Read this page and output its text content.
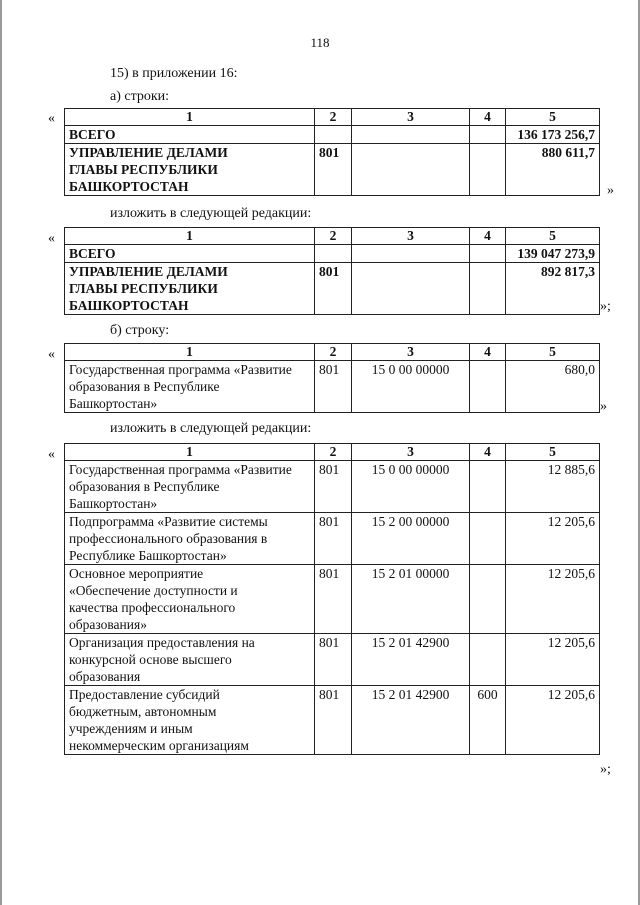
118
15) в приложении 16:
а) строки:
«	1	2	3	4	5
ВСЕГО				136 173 256,7
УПРАВЛЕНИЕ ДЕЛАМИ ГЛАВЫ РЕСПУБЛИКИ БАШКОРТОСТАН	801			880 611,7
»
изложить в следующей редакции:
«	1	2	3	4	5
ВСЕГО				139 047 273,9
УПРАВЛЕНИЕ ДЕЛАМИ ГЛАВЫ РЕСПУБЛИКИ БАШКОРТОСТАН	801			892 817,3
»;
б) строку:
«	1	2	3	4	5
Государственная программа «Развитие образования в Республике Башкортостан»	801	15 0 00 00000		680,0
»
изложить в следующей редакции:
«	1	2	3	4	5
Государственная программа «Развитие образования в Республике Башкортостан»	801	15 0 00 00000		12 885,6
Подпрограмма «Развитие системы профессионального образования в Республике Башкортостан»	801	15 2 00 00000		12 205,6
Основное мероприятие «Обеспечение доступности и качества профессионального образования»	801	15 2 01 00000		12 205,6
Организация предоставления на конкурсной основе высшего образования	801	15 2 01 42900		12 205,6
Предоставление субсидий бюджетным, автономным учреждениям и иным некоммерческим организациям	801	15 2 01 42900	600	12 205,6
»;
